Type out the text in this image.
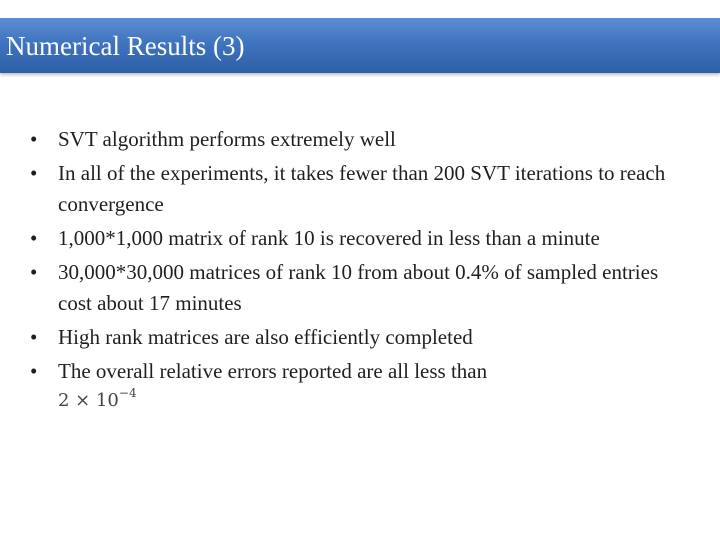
Numerical Results (3)
• SVT algorithm performs extremely well
• In all of the experiments, it takes fewer than 200 SVT iterations to reach convergence
• 1,000*1,000 matrix of rank 10 is recovered in less than a minute
• 30,000*30,000 matrices of rank 10 from about 0.4% of sampled entries cost about 17 minutes
• High rank matrices are also efficiently completed
• The overall relative errors reported are all less than
$2 \times 10^{-4}$
